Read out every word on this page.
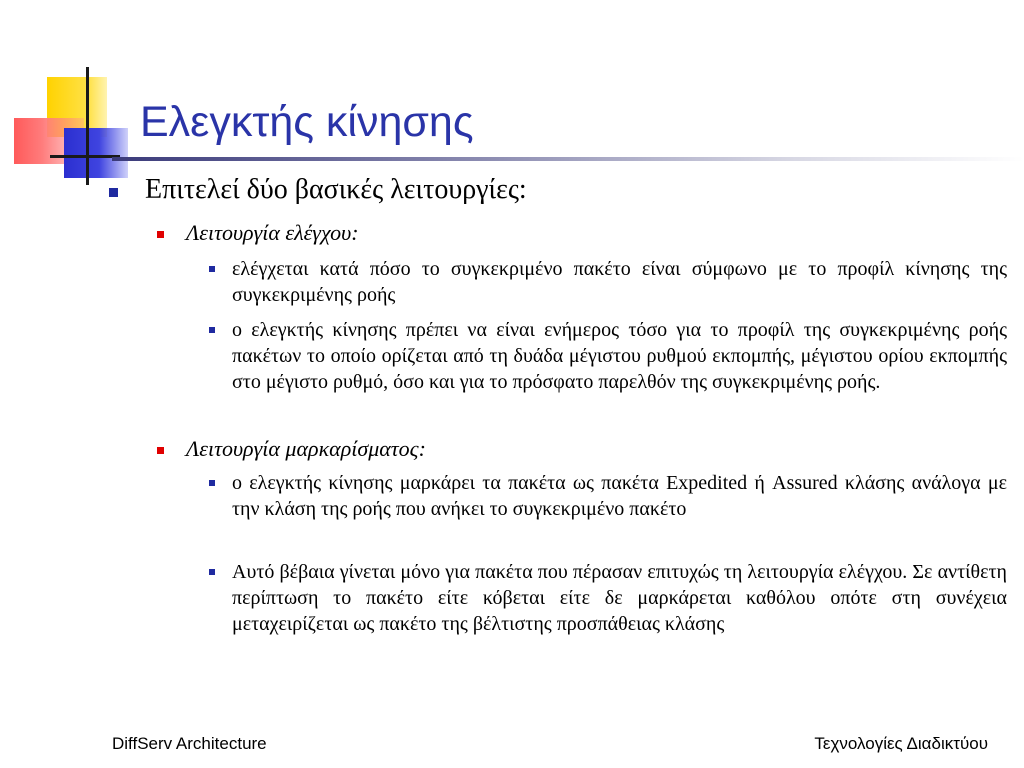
Ελεγκτής κίνησης

Επιτελεί δύο βασικές λειτουργίες:

Λειτουργία ελέγχου:

ελέγχεται κατά πόσο το συγκεκριμένο πακέτο είναι σύμφωνο με το προφίλ κίνησης της συγκεκριμένης ροής

ο ελεγκτής κίνησης πρέπει να είναι ενήμερος τόσο για το προφίλ της συγκεκριμένης ροής πακέτων το οποίο ορίζεται από τη δυάδα μέγιστου ρυθμού εκπομπής, μέγιστου ορίου εκπομπής στο μέγιστο ρυθμό, όσο και για το πρόσφατο παρελθόν της συγκεκριμένης ροής.

Λειτουργία μαρκαρίσματος:

ο ελεγκτής κίνησης μαρκάρει τα πακέτα ως πακέτα Expedited ή Assured κλάσης ανάλογα με την κλάση της ροής που ανήκει το συγκεκριμένο πακέτο

Αυτό βέβαια γίνεται μόνο για πακέτα που πέρασαν επιτυχώς τη λειτουργία ελέγχου. Σε αντίθετη περίπτωση το πακέτο είτε κόβεται είτε δε μαρκάρεται καθόλου οπότε στη συνέχεια μεταχειρίζεται ως πακέτο της βέλτιστης προσπάθειας κλάσης

DiffServ Architecture	Τεχνολογίες Διαδικτύου
